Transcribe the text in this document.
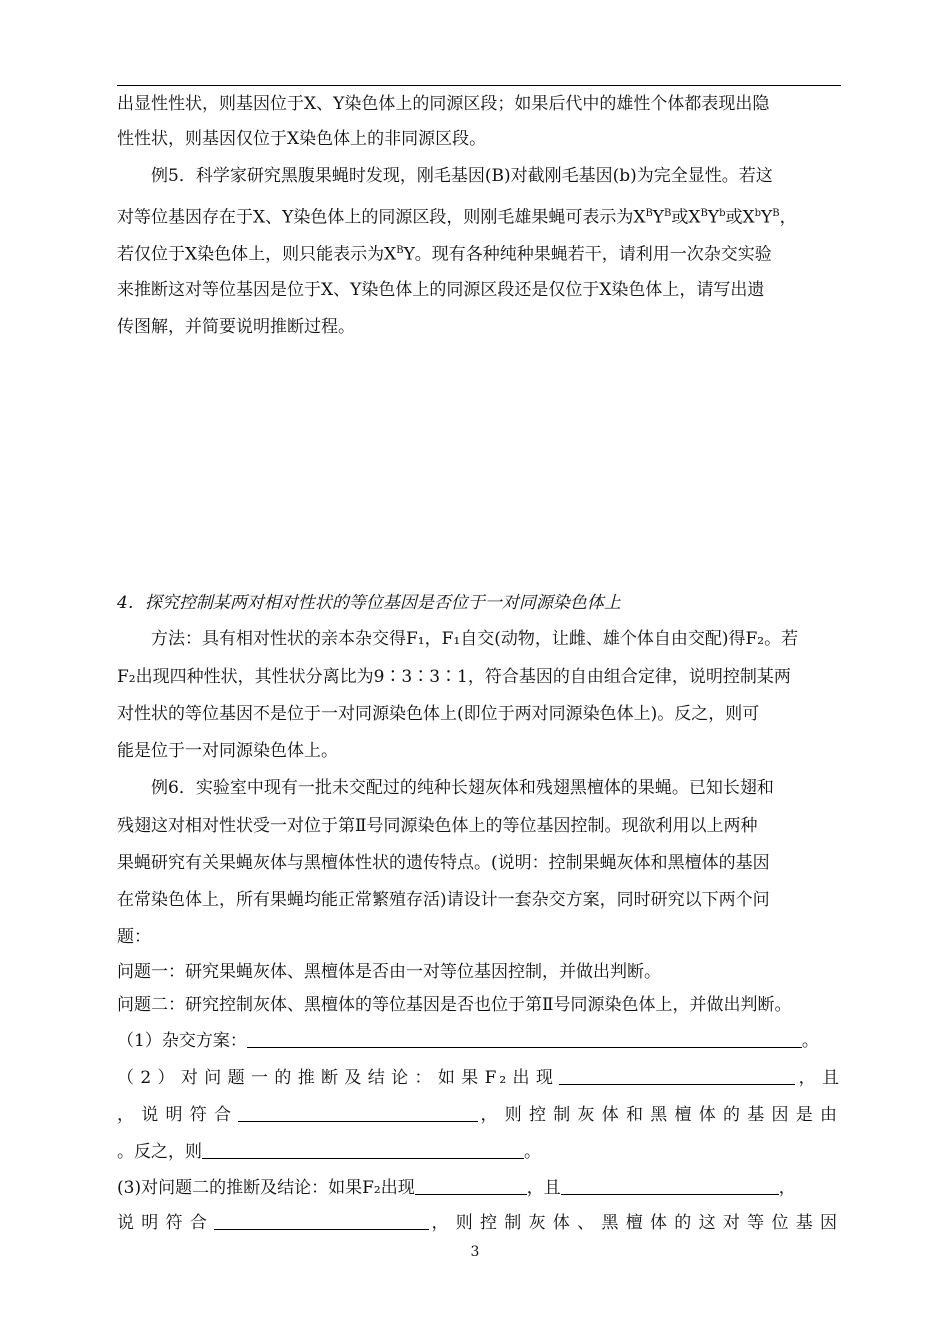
出显性性状，则基因位于X、Y染色体上的同源区段；如果后代中的雄性个体都表现出隐
性性状，则基因仅位于X染色体上的非同源区段。
例5．科学家研究黑腹果蝇时发现，刚毛基因(B)对截刚毛基因(b)为完全显性。若这
对等位基因存在于X、Y染色体上的同源区段，则刚毛雄果蝇可表示为$X^BY^B$或$X^BY^b$或$X^bY^B$，
若仅位于X染色体上，则只能表示为$X^BY$。现有各种纯种果蝇若干，请利用一次杂交实验
来推断这对等位基因是位于X、Y染色体上的同源区段还是仅位于X染色体上，请写出遗
传图解，并简要说明推断过程。
4．探究控制某两对相对性状的等位基因是否位于一对同源染色体上
方法：具有相对性状的亲本杂交得F₁，F₁自交(动物，让雌、雄个体自由交配)得F₂。若
F₂出现四种性状，其性状分离比为9∶3∶3∶1，符合基因的自由组合定律，说明控制某两
对性状的等位基因不是位于一对同源染色体上(即位于两对同源染色体上)。反之，则可
能是位于一对同源染色体上。
例6．实验室中现有一批未交配过的纯种长翅灰体和残翅黑檀体的果蝇。已知长翅和
残翅这对相对性状受一对位于第Ⅱ号同源染色体上的等位基因控制。现欲利用以上两种
果蝇研究有关果蝇灰体与黑檀体性状的遗传特点。(说明：控制果蝇灰体和黑檀体的基因
在常染色体上，所有果蝇均能正常繁殖存活)请设计一套杂交方案，同时研究以下两个问
题：
问题一：研究果蝇灰体、黑檀体是否由一对等位基因控制，并做出判断。
问题二：研究控制灰体、黑檀体的等位基因是否也位于第Ⅱ号同源染色体上，并做出判断。
（1）杂交方案：	。
（2）对问题一的推断及结论：如果F₂出现	，且
，说明符合	，则控制灰体和黑檀体的基因是由
。反之，则	。
(3)对问题二的推断及结论：如果F₂出现	，且	，
说明符合	，则控制灰体、黑檀体的这对等位基因
3
